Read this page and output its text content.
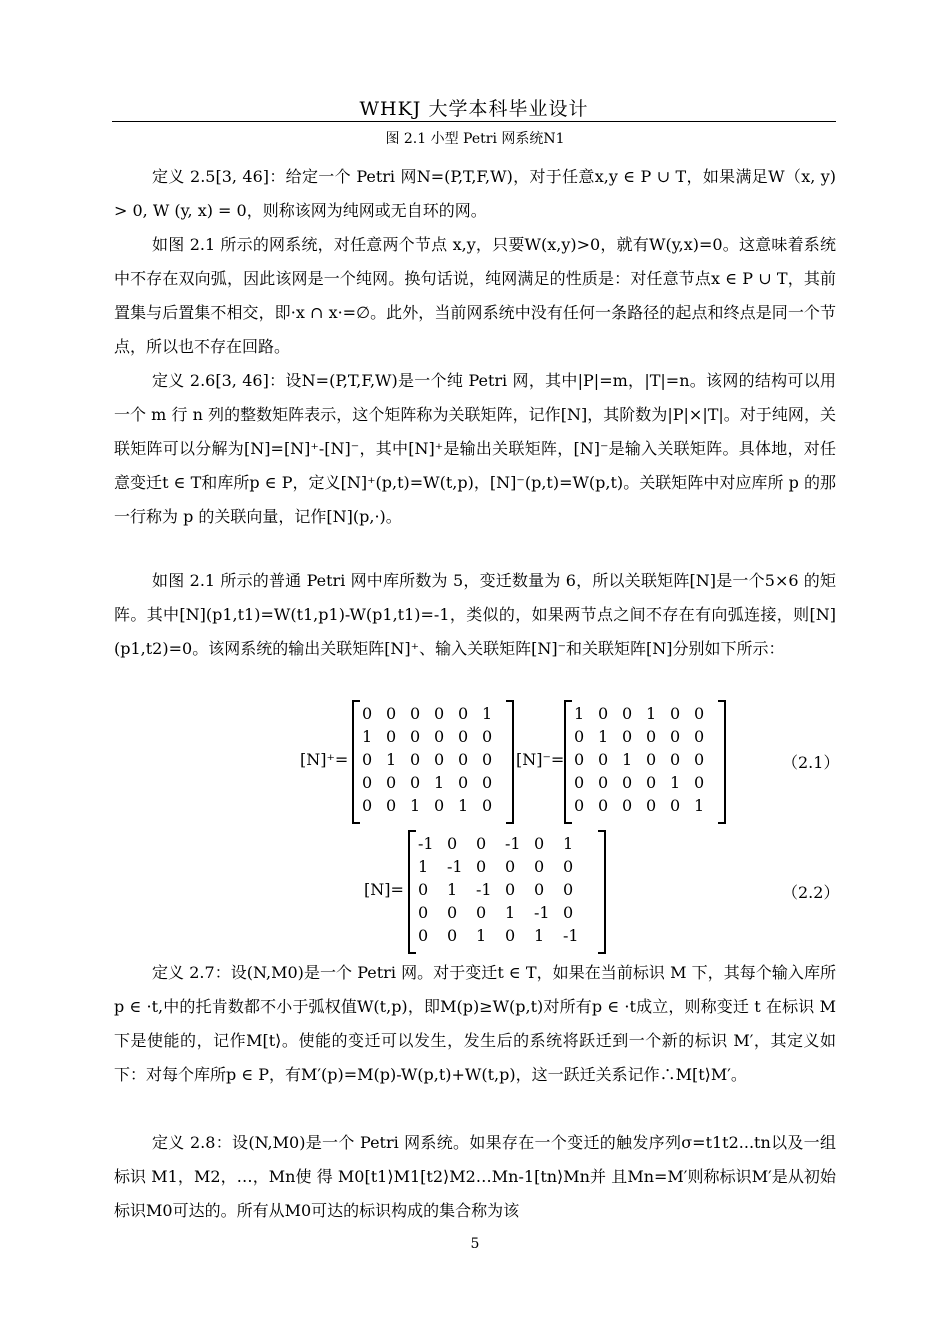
WHKJ 大学本科毕业设计
图 2.1 小型 Petri 网系统N1

定义 2.5[3, 46]：给定一个 Petri 网N=(P,T,F,W)，对于任意x,y ∈ P ∪ T，如果满足W（x, y) > 0, W (y, x) = 0，则称该网为纯网或无自环的网。

如图 2.1 所示的网系统，对任意两个节点 x,y，只要W(x,y)>0，就有W(y,x)=0。这意味着系统中不存在双向弧，因此该网是一个纯网。换句话说，纯网满足的性质是：对任意节点x ∈ P ∪ T，其前置集与后置集不相交，即·x ∩ x·=∅。此外，当前网系统中没有任何一条路径的起点和终点是同一个节点，所以也不存在回路。

定义 2.6[3, 46]：设N=(P,T,F,W)是一个纯 Petri 网，其中|P|=m，|T|=n。该网的结构可以用一个 m 行 n 列的整数矩阵表示，这个矩阵称为关联矩阵，记作[N]，其阶数为|P|×|T|。对于纯网，关联矩阵可以分解为[N]=[N]⁺-[N]⁻，其中[N]⁺是输出关联矩阵，[N]⁻是输入关联矩阵。具体地，对任意变迁t ∈ T和库所p ∈ P，定义[N]⁺(p,t)=W(t,p)，[N]⁻(p,t)=W(p,t)。关联矩阵中对应库所 p 的那一行称为 p 的关联向量，记作[N](p,·)。

如图 2.1 所示的普通 Petri 网中库所数为 5，变迁数量为 6，所以关联矩阵[N]是一个5×6 的矩阵。其中[N](p1,t1)=W(t1,p1)-W(p1,t1)=-1，类似的，如果两节点之间不存在有向弧连接，则[N](p1,t2)=0。该网系统的输出关联矩阵[N]⁺、输入关联矩阵[N]⁻和关联矩阵[N]分别如下所示：

[N]⁺=
0 0 0 0 0 1
1 0 0 0 0 0
0 1 0 0 0 0
0 0 0 1 0 0
0 0 1 0 1 0
[N]⁻=
1 0 0 1 0 0
0 1 0 0 0 0
0 0 1 0 0 0
0 0 0 0 1 0
0 0 0 0 0 1
（2.1）
[N]=
-1 0	0	-1 0	1
1	-1 0	0	0	0
0	1	-1 0	0	0
0	0	0	1	-1 0
0	0	1	0	1	-1
（2.2）

定义 2.7：设(N,M0)是一个 Petri 网。对于变迁t ∈ T，如果在当前标识 M 下，其每个输入库所p ∈ ·t,中的托肯数都不小于弧权值W(t,p)，即M(p)≥W(p,t)对所有p ∈ ·t成立，则称变迁 t 在标识 M 下是使能的，记作M[t⟩。使能的变迁可以发生，发生后的系统将跃迁到一个新的标识 M′，其定义如下：对每个库所p ∈ P，有M′(p)=M(p)-W(p,t)+W(t,p)，这一跃迁关系记作∴M[t⟩M′。

定义 2.8：设(N,M0)是一个 Petri 网系统。如果存在一个变迁的触发序列σ=t1t2...tn以及一组标识 M1，M2，…，Mn使 得 M0[t1⟩M1[t2⟩M2…Mn-1[tn⟩Mn并 且Mn=M′则称标识M′是从初始标识M0可达的。所有从M0可达的标识构成的集合称为该

5
